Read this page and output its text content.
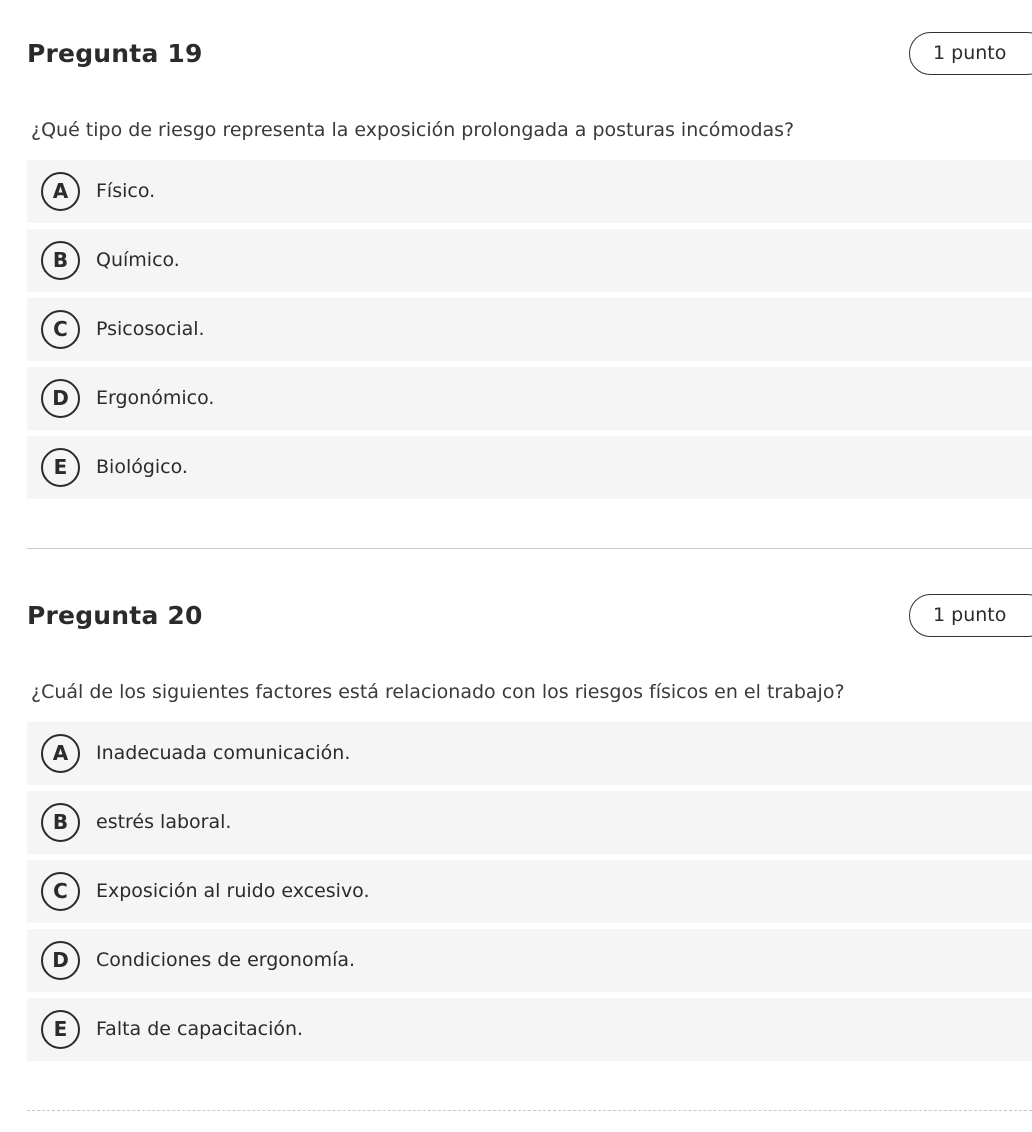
Pregunta 19	1 punto

¿Qué tipo de riesgo representa la exposición prolongada a posturas incómodas?

A	Físico.
B	Químico.
C	Psicosocial.
D	Ergonómico.
E	Biológico.
Pregunta 20	1 punto

¿Cuál de los siguientes factores está relacionado con los riesgos físicos en el trabajo?

A	Inadecuada comunicación.
B	estrés laboral.
C	Exposición al ruido excesivo.
D	Condiciones de ergonomía.
E	Falta de capacitación.
